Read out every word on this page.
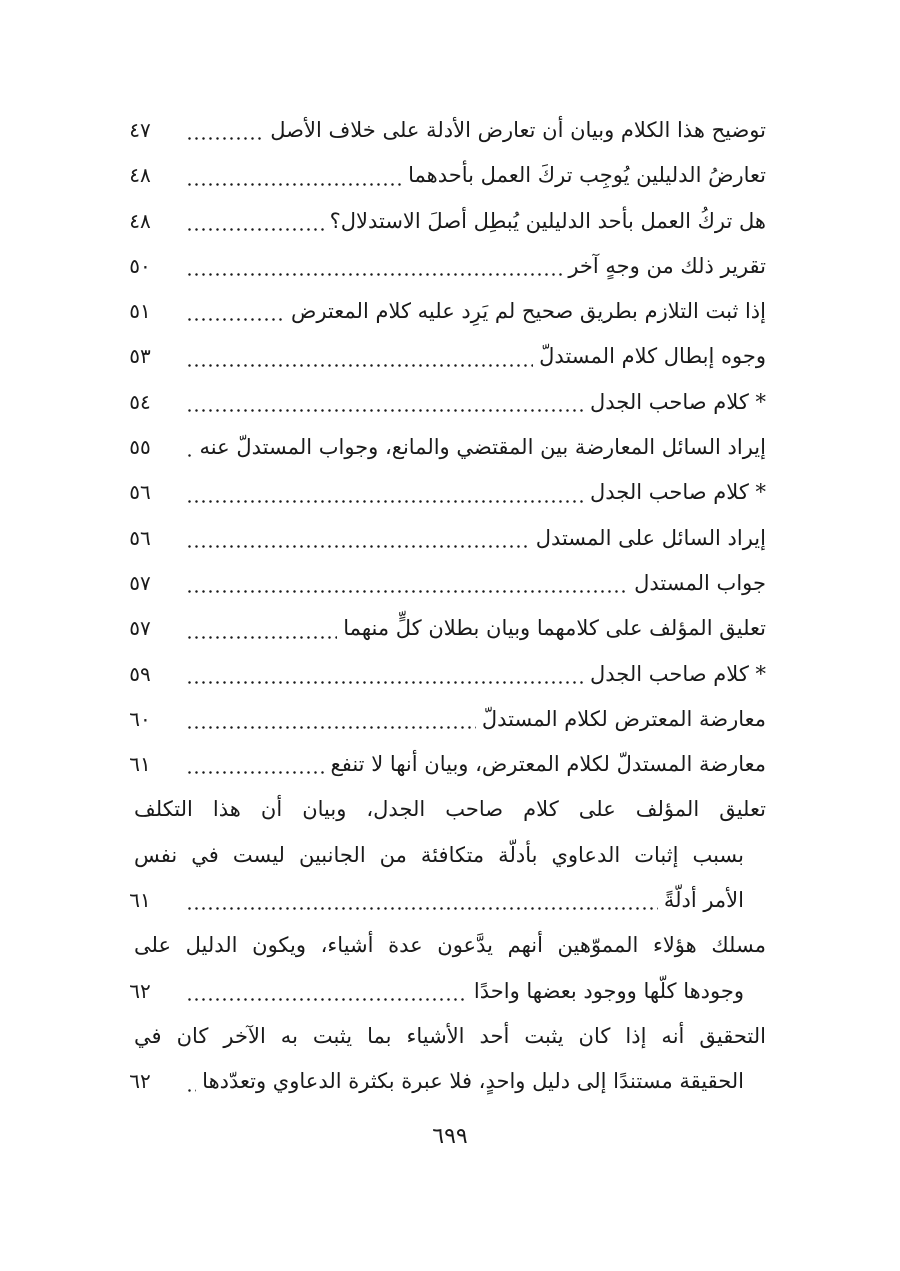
توضيح هذا الكلام وبيان أن تعارض الأدلة على خلاف الأصل
٤٧
تعارضُ الدليلين يُوجِب تركَ العمل بأحدهما
٤٨
هل تركُ العمل بأحد الدليلين يُبطِل أصلَ الاستدلال؟
٤٨
تقرير ذلك من وجهٍ آخر
٥٠
إذا ثبت التلازم بطريق صحيح لم يَرِد عليه كلام المعترض
٥١
وجوه إبطال كلام المستدلّ
٥٣
* كلام صاحب الجدل
٥٤
إيراد السائل المعارضة بين المقتضي والمانع، وجواب المستدلّ عنه
٥٥
* كلام صاحب الجدل
٥٦
إيراد السائل على المستدل
٥٦
جواب المستدل
٥٧
تعليق المؤلف على كلامهما وبيان بطلان كلٍّ منهما
٥٧
* كلام صاحب الجدل
٥٩
معارضة المعترض لكلام المستدلّ
٦٠
معارضة المستدلّ لكلام المعترض، وبيان أنها لا تنفع
٦١
تعليق المؤلف على كلام صاحب الجدل، وبيان أن هذا التكلف
بسبب إثبات الدعاوي بأدلّة متكافئة من الجانبين ليست في نفس
الأمر أدلّةً
٦١
مسلك هؤلاء المموّهين أنهم يدَّعون عدة أشياء، ويكون الدليل على
وجودها كلّها ووجود بعضها واحدًا
٦٢
التحقيق أنه إذا كان يثبت أحد الأشياء بما يثبت به الآخر كان في
الحقيقة مستندًا إلى دليل واحدٍ، فلا عبرة بكثرة الدعاوي وتعدّدها
٦٢
٦٩٩
